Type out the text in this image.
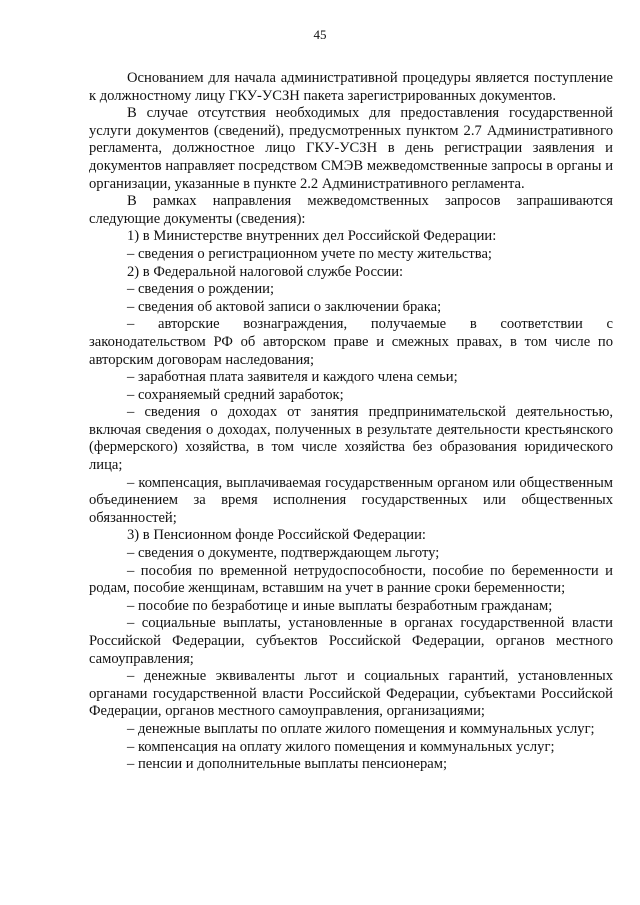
45

Основанием для начала административной процедуры является поступление к должностному лицу ГКУ-УСЗН пакета зарегистрированных документов.

В случае отсутствия необходимых для предоставления государственной услуги документов (сведений), предусмотренных пунктом 2.7 Административного регламента, должностное лицо ГКУ-УСЗН в день регистрации заявления и документов направляет посредством СМЭВ межведомственные запросы в органы и организации, указанные в пункте 2.2 Административного регламента.

В рамках направления межведомственных запросов запрашиваются следующие документы (сведения):

1) в Министерстве внутренних дел Российской Федерации:

– сведения о регистрационном учете по месту жительства;

2) в Федеральной налоговой службе России:

– сведения о рождении;

– сведения об актовой записи о заключении брака;

– авторские вознаграждения, получаемые в соответствии с законодательством РФ об авторском праве и смежных правах, в том числе по авторским договорам наследования;

– заработная плата заявителя и каждого члена семьи;

– сохраняемый средний заработок;

– сведения о доходах от занятия предпринимательской деятельностью, включая сведения о доходах, полученных в результате деятельности крестьянского (фермерского) хозяйства, в том числе хозяйства без образования юридического лица;

– компенсация, выплачиваемая государственным органом или общественным объединением за время исполнения государственных или общественных обязанностей;

3) в Пенсионном фонде Российской Федерации:

– сведения о документе, подтверждающем льготу;

– пособия по временной нетрудоспособности, пособие по беременности и родам, пособие женщинам, вставшим на учет в ранние сроки беременности;

– пособие по безработице и иные выплаты безработным гражданам;

– социальные выплаты, установленные в органах государственной власти Российской Федерации, субъектов Российской Федерации, органов местного самоуправления;

– денежные эквиваленты льгот и социальных гарантий, установленных органами государственной власти Российской Федерации, субъектами Российской Федерации, органов местного самоуправления, организациями;

– денежные выплаты по оплате жилого помещения и коммунальных услуг;

– компенсация на оплату жилого помещения и коммунальных услуг;

– пенсии и дополнительные выплаты пенсионерам;
